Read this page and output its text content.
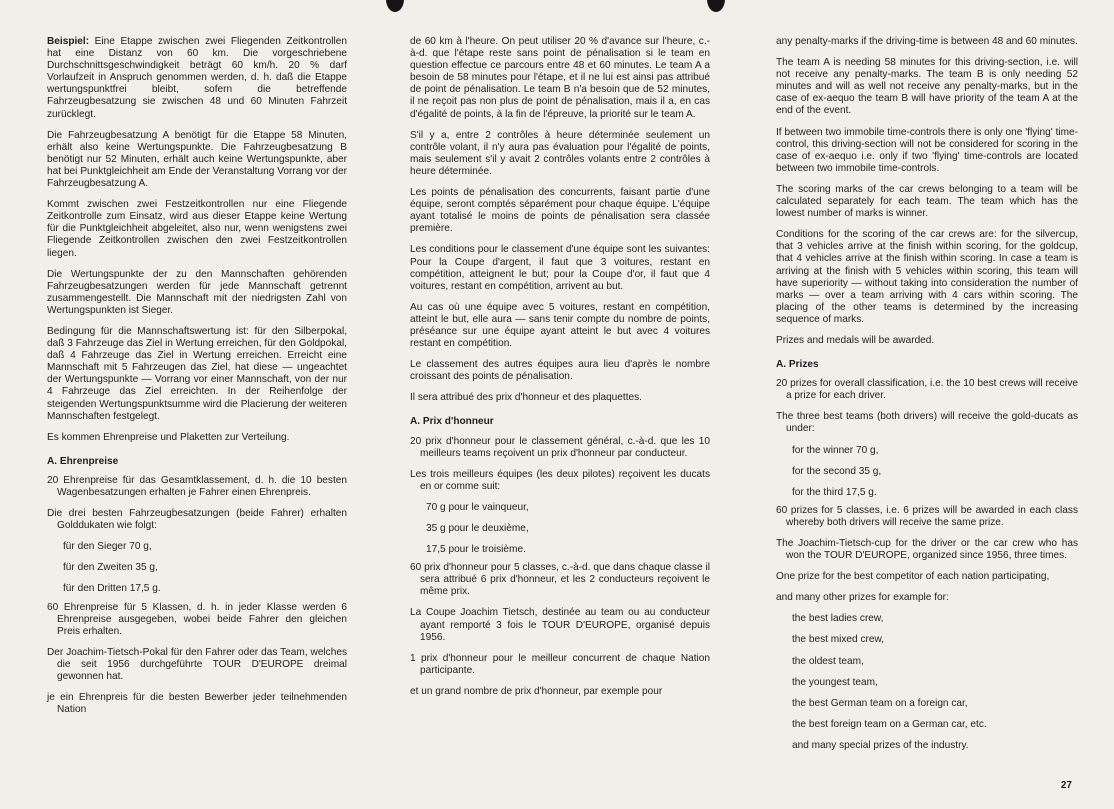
Beispiel: Eine Etappe zwischen zwei Fliegenden Zeitkontrollen hat eine Distanz von 60 km. Die vorgeschriebene Durchschnittsgeschwindigkeit beträgt 60 km/h. 20 % darf Vorlaufzeit in Anspruch genommen werden, d. h. daß die Etappe wertungspunktfrei bleibt, sofern die betreffende Fahrzeugbesatzung sie zwischen 48 und 60 Minuten Fahrzeit zurücklegt.

Die Fahrzeugbesatzung A benötigt für die Etappe 58 Minuten, erhält also keine Wertungspunkte. Die Fahrzeugbesatzung B benötigt nur 52 Minuten, erhält auch keine Wertungspunkte, aber hat bei Punktgleichheit am Ende der Veranstaltung Vorrang vor der Fahrzeugbesatzung A.

Kommt zwischen zwei Festzeitkontrollen nur eine Fliegende Zeitkontrolle zum Einsatz, wird aus dieser Etappe keine Wertung für die Punktgleichheit abgeleitet, also nur, wenn wenigstens zwei Fliegende Zeitkontrollen zwischen den zwei Festzeitkontrollen liegen.

Die Wertungspunkte der zu den Mannschaften gehörenden Fahrzeugbesatzungen werden für jede Mannschaft getrennt zusammengestellt. Die Mannschaft mit der niedrigsten Zahl von Wertungspunkten ist Sieger.

Bedingung für die Mannschaftswertung ist: für den Silberpokal, daß 3 Fahrzeuge das Ziel in Wertung erreichen, für den Goldpokal, daß 4 Fahrzeuge das Ziel in Wertung erreichen. Erreicht eine Mannschaft mit 5 Fahrzeugen das Ziel, hat diese — ungeachtet der Wertungspunkte — Vorrang vor einer Mannschaft, von der nur 4 Fahrzeuge das Ziel erreichten. In der Reihenfolge der steigenden Wertungspunktsumme wird die Placierung der weiteren Mannschaften festgelegt.

Es kommen Ehrenpreise und Plaketten zur Verteilung.

A. Ehrenpreise

20 Ehrenpreise für das Gesamtklassement, d. h. die 10 besten Wagenbesatzungen erhalten je Fahrer einen Ehrenpreis.

Die drei besten Fahrzeugbesatzungen (beide Fahrer) erhalten Golddukaten wie folgt:

für den Sieger 70 g,

für den Zweiten 35 g,

für den Dritten 17,5 g.

60 Ehrenpreise für 5 Klassen, d. h. in jeder Klasse werden 6 Ehrenpreise ausgegeben, wobei beide Fahrer den gleichen Preis erhalten.

Der Joachim-Tietsch-Pokal für den Fahrer oder das Team, welches die seit 1956 durchgeführte TOUR D'EUROPE dreimal gewonnen hat.

je ein Ehrenpreis für die besten Bewerber jeder teilnehmenden Nation

de 60 km à l'heure. On peut utiliser 20 % d'avance sur l'heure, c.-à-d. que l'étape reste sans point de pénalisation si le team en question effectue ce parcours entre 48 et 60 minutes. Le team A a besoin de 58 minutes pour l'étape, et il ne lui est ainsi pas attribué de point de pénalisation. Le team B n'a besoin que de 52 minutes, il ne reçoit pas non plus de point de pénalisation, mais il a, en cas d'égalité de points, à la fin de l'épreuve, la priorité sur le team A.

S'il y a, entre 2 contrôles à heure déterminée seulement un contrôle volant, il n'y aura pas évaluation pour l'égalité de points, mais seulement s'il y avait 2 contrôles volants entre 2 contrôles à heure déterminée.

Les points de pénalisation des concurrents, faisant partie d'une équipe, seront comptés séparément pour chaque équipe. L'équipe ayant totalisé le moins de points de pénalisation sera classée première.

Les conditions pour le classement d'une équipe sont les suivantes: Pour la Coupe d'argent, il faut que 3 voitures, restant en compétition, atteignent le but; pour la Coupe d'or, il faut que 4 voitures, restant en compétition, arrivent au but.

Au cas où une équipe avec 5 voitures, restant en compétition, atteint le but, elle aura — sans tenir compte du nombre de points, préséance sur une équipe ayant atteint le but avec 4 voitures restant en compétition.

Le classement des autres équipes aura lieu d'après le nombre croissant des points de pénalisation.

Il sera attribué des prix d'honneur et des plaquettes.

A. Prix d'honneur

20 prix d'honneur pour le classement général, c.-à-d. que les 10 meilleurs teams reçoivent un prix d'honneur par conducteur.

Les trois meilleurs équipes (les deux pilotes) reçoivent les ducats en or comme suit:

70 g pour le vainqueur,

35 g pour le deuxième,

17,5 pour le troisième.

60 prix d'honneur pour 5 classes, c.-à-d. que dans chaque classe il sera attribué 6 prix d'honneur, et les 2 conducteurs reçoivent le même prix.

La Coupe Joachim Tietsch, destinée au team ou au conducteur ayant remporté 3 fois le TOUR D'EUROPE, organisé depuis 1956.

1 prix d'honneur pour le meilleur concurrent de chaque Nation participante.

et un grand nombre de prix d'honneur, par exemple pour

any penalty-marks if the driving-time is between 48 and 60 minutes.

The team A is needing 58 minutes for this driving-section, i.e. will not receive any penalty-marks. The team B is only needing 52 minutes and will as well not receive any penalty-marks, but in the case of ex-aequo the team B will have priority of the team A at the end of the event.

If between two immobile time-controls there is only one 'flying' time-control, this driving-section will not be considered for scoring in the case of ex-aequo i.e. only if two 'flying' time-controls are located between two immobile time-controls.

The scoring marks of the car crews belonging to a team will be calculated separately for each team. The team which has the lowest number of marks is winner.

Conditions for the scoring of the car crews are: for the silvercup, that 3 vehicles arrive at the finish within scoring, for the goldcup, that 4 vehicles arrive at the finish within scoring. In case a team is arriving at the finish with 5 vehicles within scoring, this team will have superiority — without taking into consideration the number of marks — over a team arriving with 4 cars within scoring. The placing of the other teams is determined by the increasing sequence of marks.

Prizes and medals will be awarded.

A. Prizes

20 prizes for overall classification, i.e. the 10 best crews will receive a prize for each driver.

The three best teams (both drivers) will receive the gold-ducats as under:

for the winner 70 g,

for the second 35 g,

for the third 17,5 g.

60 prizes for 5 classes, i.e. 6 prizes will be awarded in each class whereby both drivers will receive the same prize.

The Joachim-Tietsch-cup for the driver or the car crew who has won the TOUR D'EUROPE, organized since 1956, three times.

One prize for the best competitor of each nation participating,

and many other prizes for example for:

the best ladies crew,

the best mixed crew,

the oldest team,

the youngest team,

the best German team on a foreign car,

the best foreign team on a German car, etc.

and many special prizes of the industry.

27
